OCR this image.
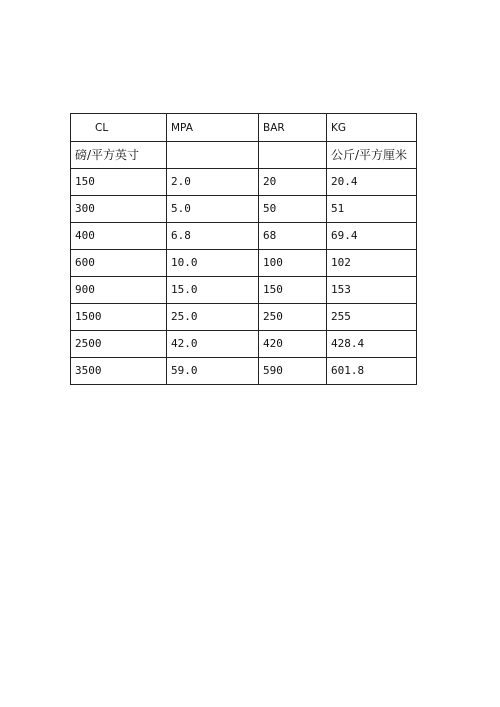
CL	MPA	BAR	KG
磅/平方英寸			公斤/平方厘米
150	2.0	20	20.4
300	5.0	50	51
400	6.8	68	69.4
600	10.0	100	102
900	15.0	150	153
1500	25.0	250	255
2500	42.0	420	428.4
3500	59.0	590	601.8
